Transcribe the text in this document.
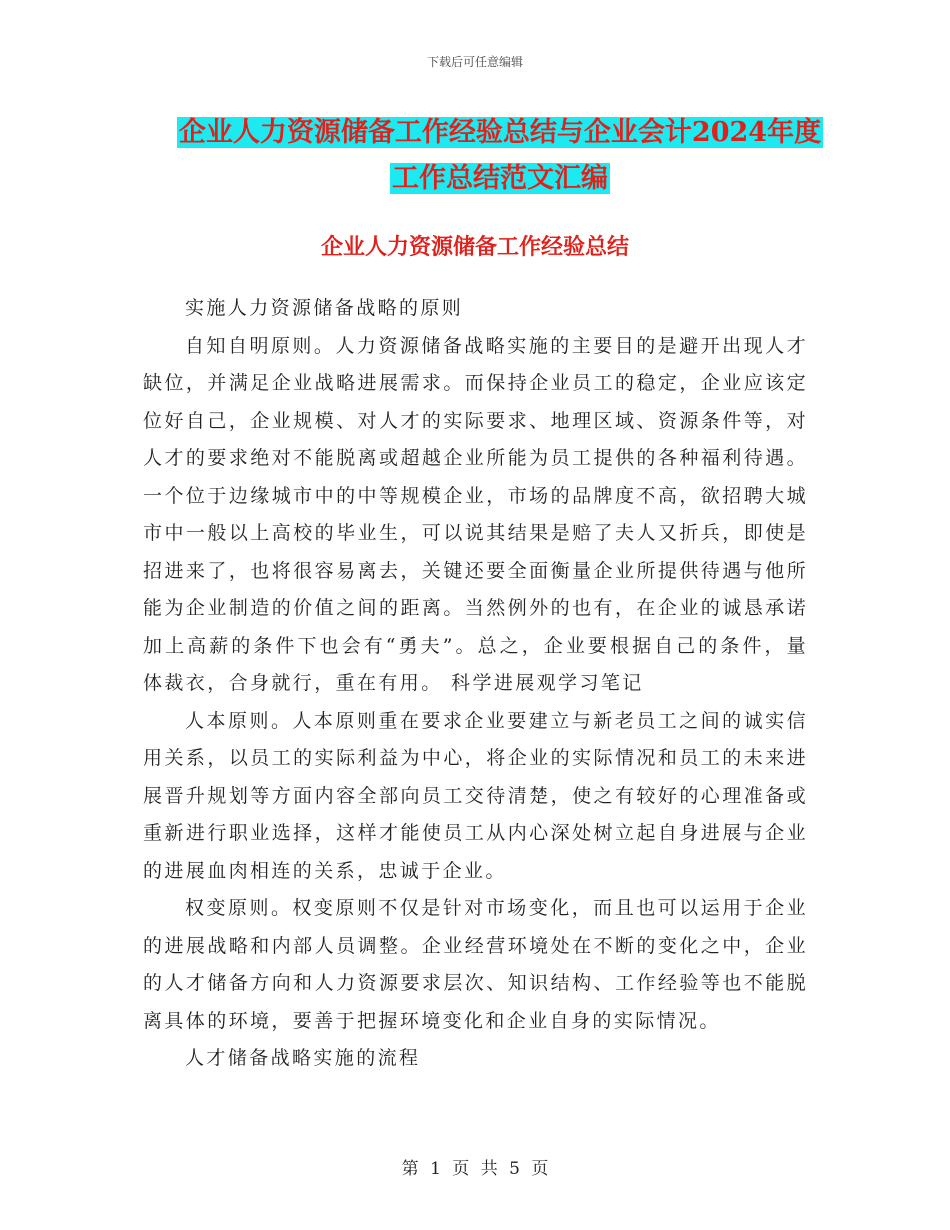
下载后可任意编辑
企业人力资源储备工作经验总结与企业会计2024年度
工作总结范文汇编
企业人力资源储备工作经验总结

实施人力资源储备战略的原则

自知自明原则。人力资源储备战略实施的主要目的是避开出现人才缺位，并满足企业战略进展需求。而保持企业员工的稳定，企业应该定位好自己，企业规模、对人才的实际要求、地理区域、资源条件等，对人才的要求绝对不能脱离或超越企业所能为员工提供的各种福利待遇。一个位于边缘城市中的中等规模企业，市场的品牌度不高，欲招聘大城市中一般以上高校的毕业生，可以说其结果是赔了夫人又折兵，即使是招进来了，也将很容易离去，关键还要全面衡量企业所提供待遇与他所能为企业制造的价值之间的距离。当然例外的也有，在企业的诚恳承诺加上高薪的条件下也会有“勇夫”。总之，企业要根据自己的条件，量体裁衣，合身就行，重在有用。 科学进展观学习笔记

人本原则。人本原则重在要求企业要建立与新老员工之间的诚实信用关系，以员工的实际利益为中心，将企业的实际情况和员工的未来进展晋升规划等方面内容全部向员工交待清楚，使之有较好的心理准备或重新进行职业选择，这样才能使员工从内心深处树立起自身进展与企业的进展血肉相连的关系，忠诚于企业。

权变原则。权变原则不仅是针对市场变化，而且也可以运用于企业的进展战略和内部人员调整。企业经营环境处在不断的变化之中，企业的人才储备方向和人力资源要求层次、知识结构、工作经验等也不能脱离具体的环境，要善于把握环境变化和企业自身的实际情况。

人才储备战略实施的流程

第 1 页 共 5 页
